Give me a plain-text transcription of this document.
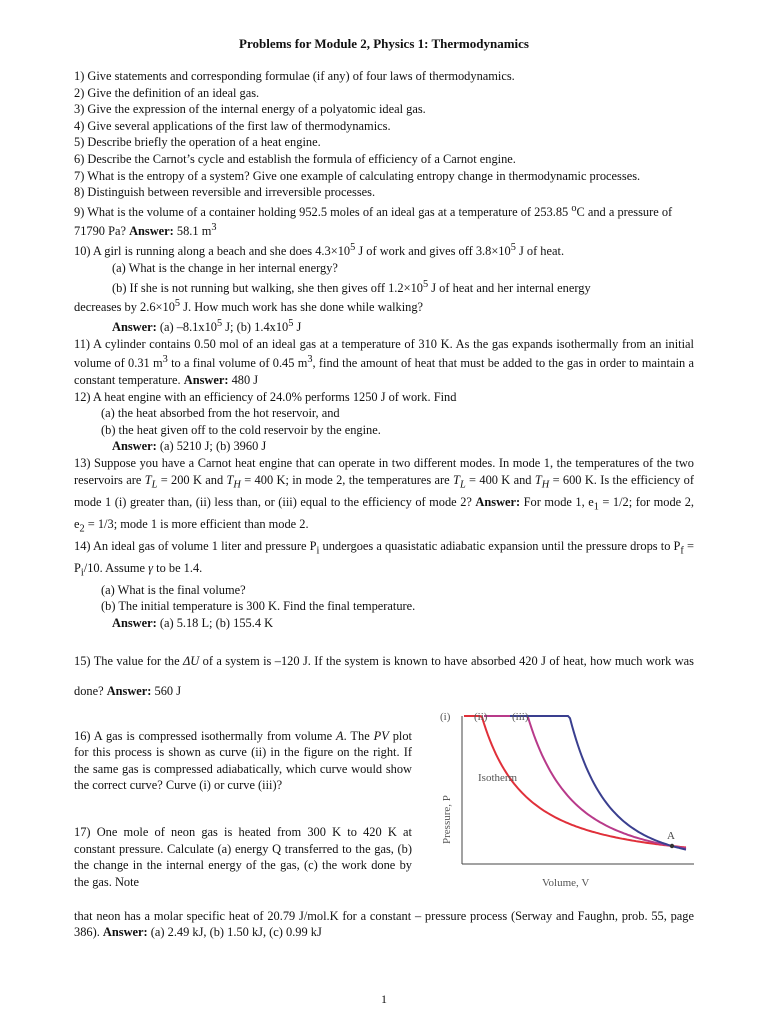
Problems for Module 2, Physics 1: Thermodynamics

1) Give statements and corresponding formulae (if any) of four laws of thermodynamics.

2) Give the definition of an ideal gas.

3) Give the expression of the internal energy of a polyatomic ideal gas.

4) Give several applications of the first law of thermodynamics.

5) Describe briefly the operation of a heat engine.

6) Describe the Carnot’s cycle and establish the formula of efficiency of a Carnot engine.

7) What is the entropy of a system? Give one example of calculating entropy change in thermodynamic processes.

8) Distinguish between reversible and irreversible processes.

9) What is the volume of a container holding 952.5 moles of an ideal gas at a temperature of 253.85 $^o$C and a pressure of 71790 Pa? Answer: 58.1 $m^3$

10) A girl is running along a beach and she does $4.3\times 10^5$ J of work and gives off $3.8\times 10^5$ J of heat.

(a) What is the change in her internal energy?

(b) If she is not running but walking, she then gives off $1.2\times 10^5$ J of heat and her internal energy

decreases by $2.6\times 10^5$ J. How much work has she done while walking?

Answer: (a) $-8.1x10^5$ J; (b) $1.4x10^5$ J

11) A cylinder contains 0.50 mol of an ideal gas at a temperature of 310 K. As the gas expands isothermally from an initial volume of 0.31 $m^3$ to a final volume of 0.45 $m^3$, find the amount of heat that must be added to the gas in order to maintain a constant temperature. Answer: 480 J

12) A heat engine with an efficiency of 24.0% performs 1250 J of work. Find

(a) the heat absorbed from the hot reservoir, and

(b) the heat given off to the cold reservoir by the engine.

Answer: (a) 5210 J; (b) 3960 J

13) Suppose you have a Carnot heat engine that can operate in two different modes. In mode 1, the temperatures of the two reservoirs are $T_L = 200$ K and $T_H = 400$ K; in mode 2, the temperatures are $T_L = 400$ K and $T_H = 600$ K. Is the efficiency of mode 1 (i) greater than, (ii) less than, or (iii) equal to the efficiency of mode 2? Answer: For mode 1, $e_1 = 1/2$; for mode 2, $e_2 = 1/3$; mode 1 is more efficient than mode 2.

14) An ideal gas of volume 1 liter and pressure $P_i$ undergoes a quasistatic adiabatic expansion until the pressure drops to $P_f = P_i/10$. Assume γ to be 1.4.

(a) What is the final volume?

(b) The initial temperature is 300 K. Find the final temperature.

Answer: (a) 5.18 L; (b) 155.4 K

15) The value for the ΔU of a system is –120 J. If the system is known to have absorbed 420 J of heat, how much work was done? Answer: 560 J

16) A gas is compressed isothermally from volume A. The PV plot for this process is shown as curve (ii) in the figure on the right. If the same gas is compressed adiabatically, which curve would show the correct curve? Curve (i) or curve (iii)?

17) One mole of neon gas is heated from 300 K to 420 K at constant pressure. Calculate (a) energy Q transferred to the gas, (b) the change in the internal energy of the gas, (c) the work done by the gas. Note

A
(i) (ii) (iii)
Isotherm
Pressure, P
Volume, V

that neon has a molar specific heat of 20.79 J/mol.K for a constant – pressure process (Serway and Faughn, prob. 55, page 386). Answer: (a) 2.49 kJ, (b) 1.50 kJ, (c) 0.99 kJ

1
